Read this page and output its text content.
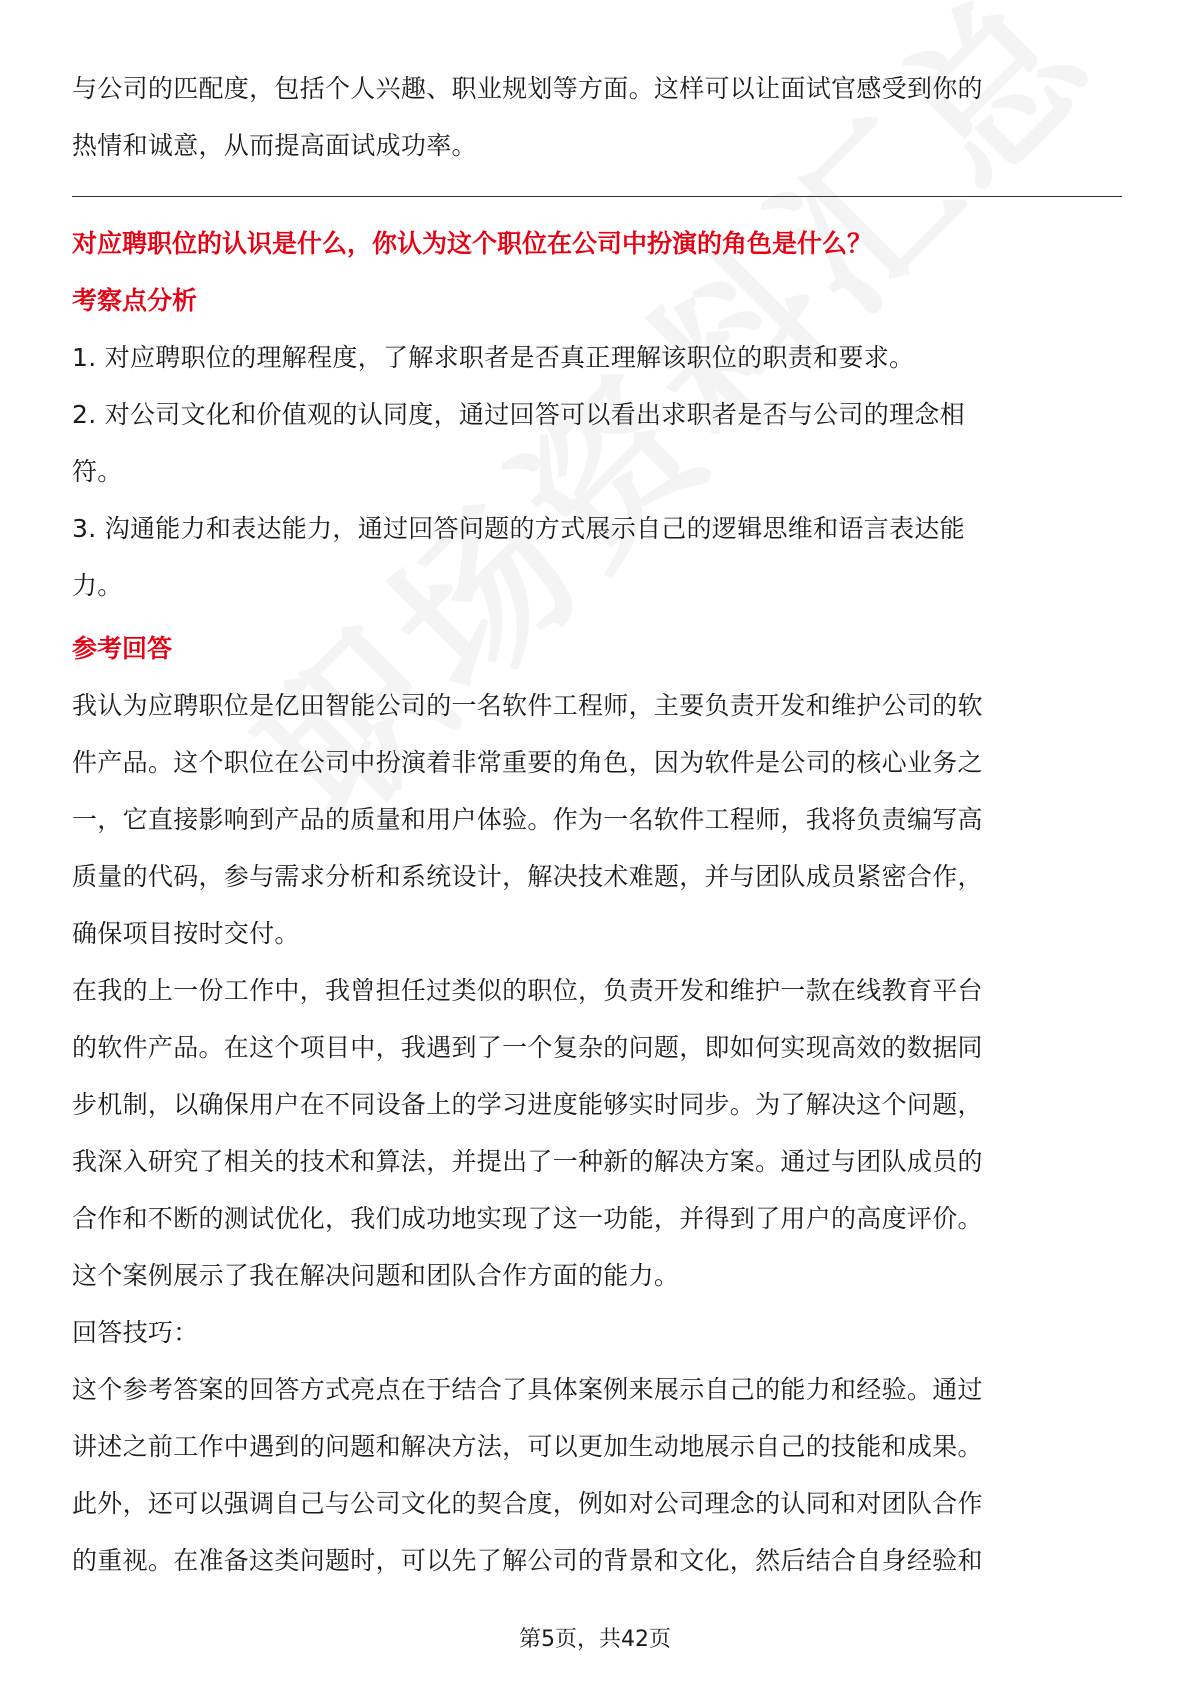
与公司的匹配度，包括个人兴趣、职业规划等方面。这样可以让面试官感受到你的

热情和诚意，从而提高面试成功率。

对应聘职位的认识是什么，你认为这个职位在公司中扮演的角色是什么？

考察点分析

1. 对应聘职位的理解程度，了解求职者是否真正理解该职位的职责和要求。

2. 对公司文化和价值观的认同度，通过回答可以看出求职者是否与公司的理念相

符。

3. 沟通能力和表达能力，通过回答问题的方式展示自己的逻辑思维和语言表达能

力。

参考回答

我认为应聘职位是亿田智能公司的一名软件工程师，主要负责开发和维护公司的软

件产品。这个职位在公司中扮演着非常重要的角色，因为软件是公司的核心业务之

一，它直接影响到产品的质量和用户体验。作为一名软件工程师，我将负责编写高

质量的代码，参与需求分析和系统设计，解决技术难题，并与团队成员紧密合作，

确保项目按时交付。

在我的上一份工作中，我曾担任过类似的职位，负责开发和维护一款在线教育平台

的软件产品。在这个项目中，我遇到了一个复杂的问题，即如何实现高效的数据同

步机制，以确保用户在不同设备上的学习进度能够实时同步。为了解决这个问题，

我深入研究了相关的技术和算法，并提出了一种新的解决方案。通过与团队成员的

合作和不断的测试优化，我们成功地实现了这一功能，并得到了用户的高度评价。

这个案例展示了我在解决问题和团队合作方面的能力。

回答技巧：

这个参考答案的回答方式亮点在于结合了具体案例来展示自己的能力和经验。通过

讲述之前工作中遇到的问题和解决方法，可以更加生动地展示自己的技能和成果。

此外，还可以强调自己与公司文化的契合度，例如对公司理念的认同和对团队合作

的重视。在准备这类问题时，可以先了解公司的背景和文化，然后结合自身经验和

第5页，共42页
